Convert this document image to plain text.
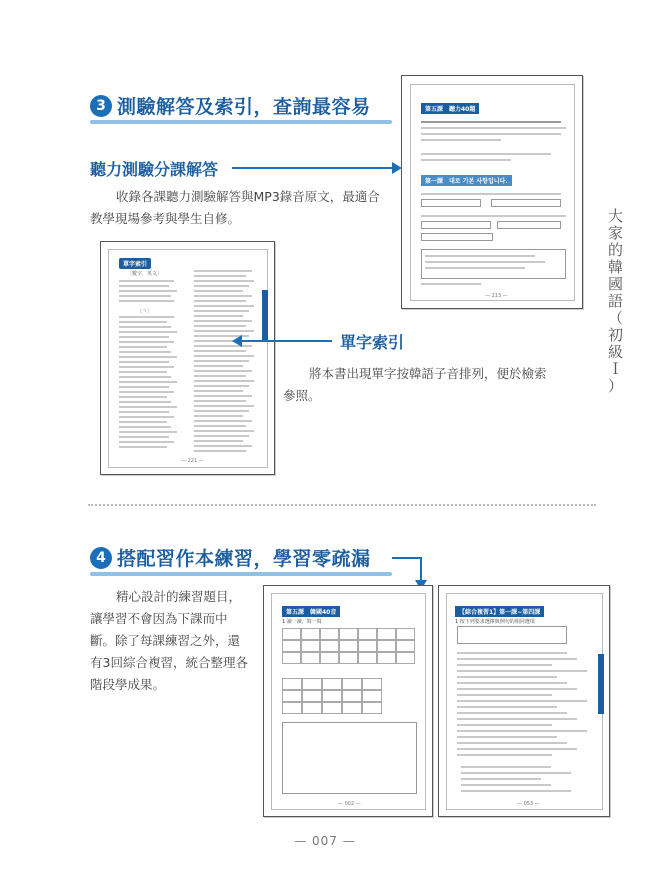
大
家
的
韓
國
語
（
初
級
Ｉ
）
3 測驗解答及索引，查詢最容易
聽力測驗分課解答
收錄各課聽力測驗解答與MP3錄音原文，最適合
教學現場參考與學生自修。
第五課　聽力40題
第一課　대로 기본 사항입니다.
— 213 —
單字索引
〔數字．英文〕
〔ㄱ〕
— 221 —
單字索引
將本書出現單字按韓語子音排列，便於檢索
參照。
4 搭配習作本練習，學習零疏漏
精心設計的練習題目，
讓學習不會因為下課而中
斷。除了每課練習之外，還
有3回綜合複習，統合整理各
階段學成果。
第五課　韓國40音
1 讀一讀，寫一寫
— 002 —
【綜合複習1】第一課∼第四課
1 按下列要求選擇與例句的相同選項
— 053 —
— 007 —
